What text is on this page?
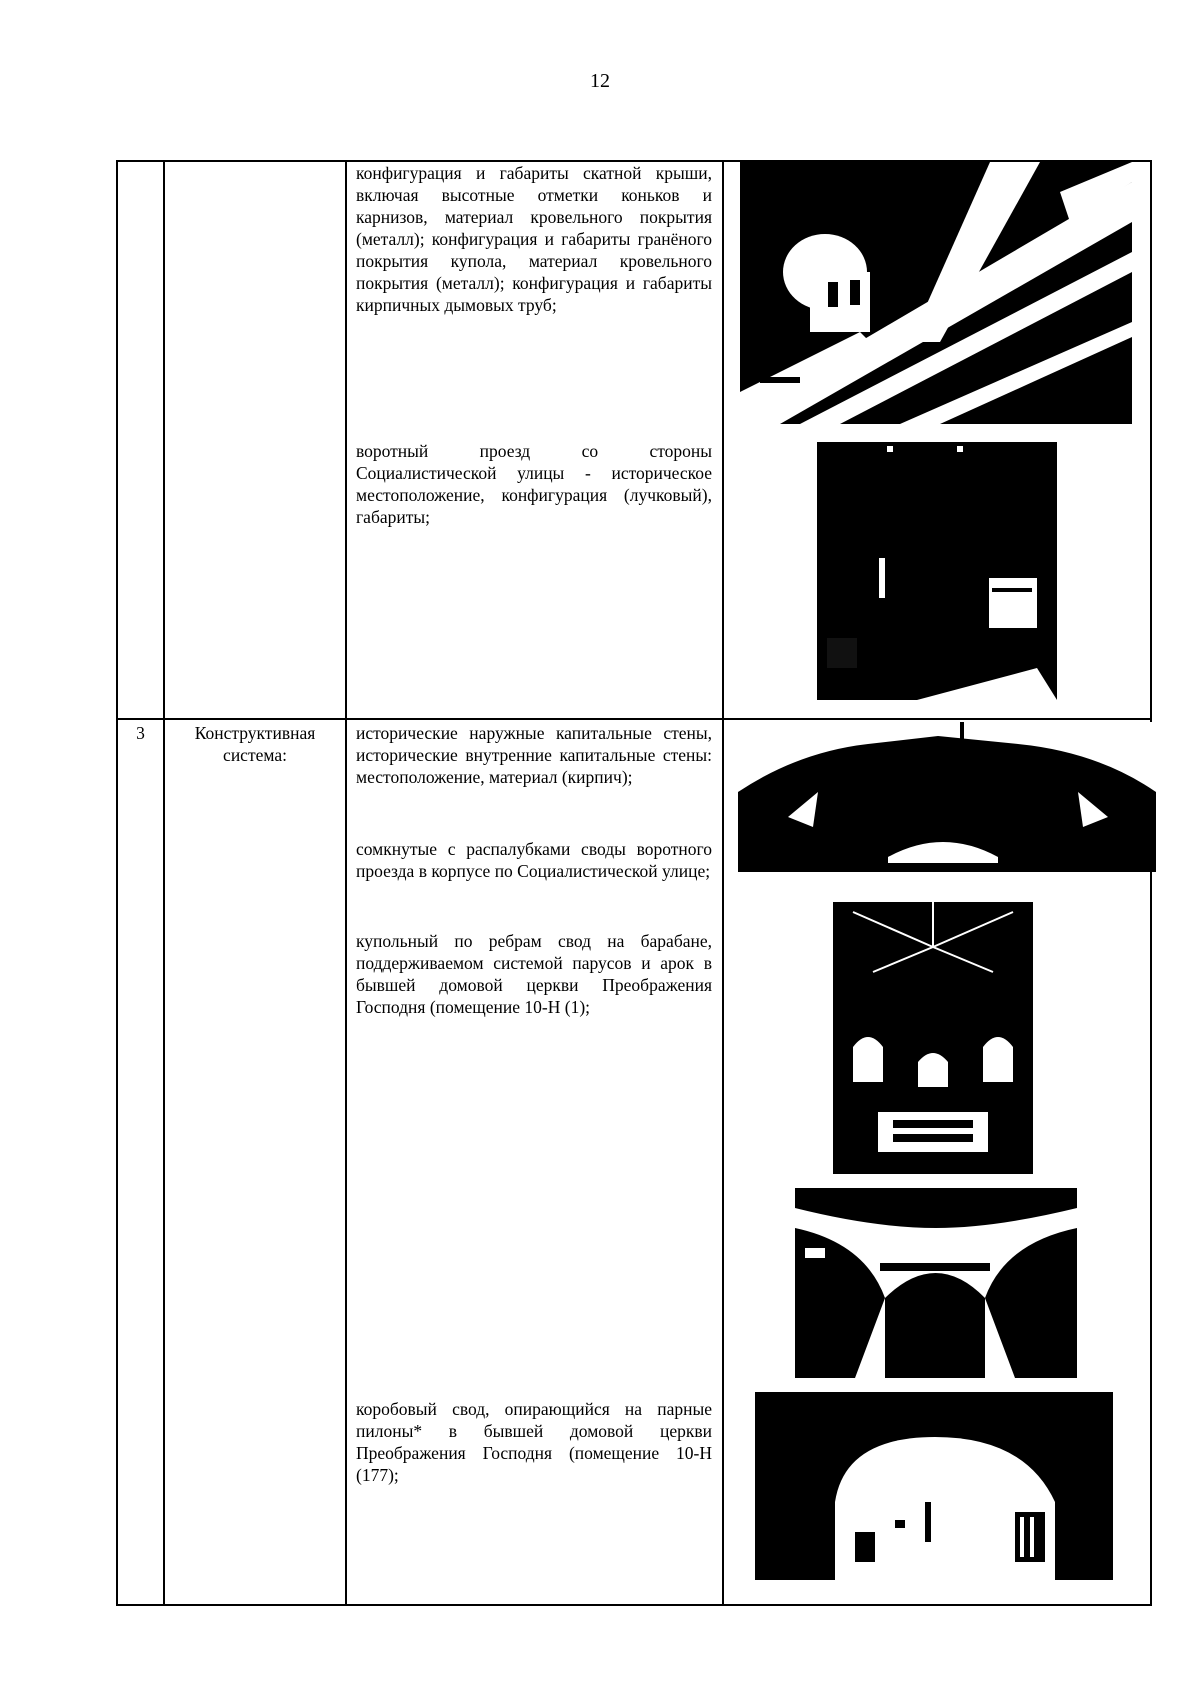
12
конфигурация и габариты скатной крыши, включая высотные отметки коньков и карнизов, материал кровельного покрытия (металл); конфигурация и габариты гранёного покрытия купола, материал кровельного покрытия (металл); конфигурация и габариты кирпичных дымовых труб;
воротный проезд со стороны Социалистической улицы - историческое местоположение, конфигурация (лучковый), габариты;
3	Конструктивная система:
исторические наружные капитальные стены, исторические внутренние капитальные стены: местоположение, материал (кирпич);
сомкнутые с распалубками своды воротного проезда в корпусе по Социалистической улице;
купольный по ребрам свод на барабане, поддерживаемом системой парусов и арок в бывшей домовой церкви Преображения Господня (помещение 10-Н (1);
коробовый свод, опирающийся на парные пилоны* в бывшей домовой церкви Преображения Господня (помещение 10-Н (177);
